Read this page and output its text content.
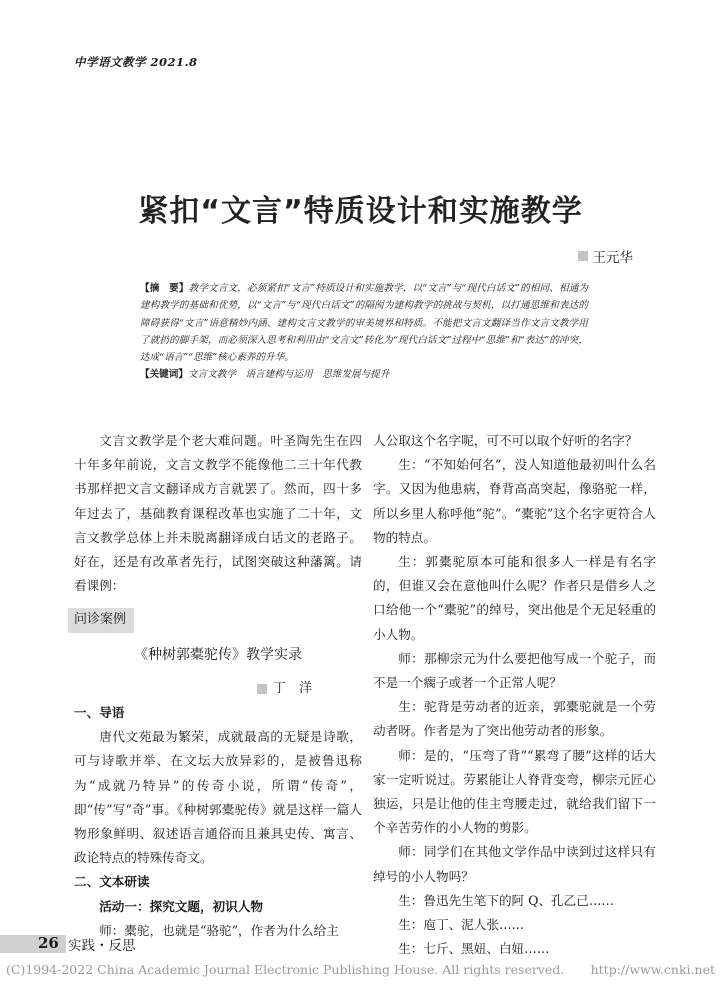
中学语文教学 2021.8
紧扣“文言”特质设计和实施教学
王元华

【摘　要】教学文言文，必须紧扣“文言”特质设计和实施教学，以“文言”与“现代白话文”的相同、相通为建构教学的基础和优势，以“文言”与“现代白话文”的隔阂为建构教学的挑战与契机，以打通思维和表达的障碍获得“文言”语意精妙内涵、建构文言文教学的审美境界和特质。不能把文言文翻译当作文言文教学用了就扔的脚手架，而必须深入思考和利用由“文言文”转化为“现代白话文”过程中“思维”和“表达”的冲突，达成“语言”“思维”核心素养的升华。

【关键词】文言文教学　语言建构与运用　思维发展与提升

文言文教学是个老大难问题。叶圣陶先生在四十年多年前说，文言文教学不能像他二三十年代教书那样把文言文翻译成方言就罢了。然而，四十多年过去了，基础教育课程改革也实施了二十年，文言文教学总体上并未脱离翻译成白话文的老路子。好在，还是有改革者先行，试图突破这种藩篱。请看课例：

问诊案例
《种树郭橐驼传》教学实录
丁　洋
一、导语

唐代文苑最为繁荣，成就最高的无疑是诗歌，可与诗歌并举、在文坛大放异彩的，是被鲁迅称为“成就乃特异”的传奇小说，所谓“传奇”，即“传”写“奇”事。《种树郭橐驼传》就是这样一篇人物形象鲜明、叙述语言通俗而且兼具史传、寓言、政论特点的特殊传奇文。

二、文本研读
活动一：探究文题，初识人物

师：橐驼，也就是“骆驼”，作者为什么给主

人公取这个名字呢，可不可以取个好听的名字？

生：“不知始何名”，没人知道他最初叫什么名字。又因为他患病，脊背高高突起，像骆驼一样，所以乡里人称呼他“驼”。“橐驼”这个名字更符合人物的特点。

生：郭橐驼原本可能和很多人一样是有名字的，但谁又会在意他叫什么呢？作者只是借乡人之口给他一个“橐驼”的绰号，突出他是个无足轻重的小人物。

师：那柳宗元为什么要把他写成一个驼子，而不是一个瘸子或者一个正常人呢？

生：驼背是劳动者的近亲，郭橐驼就是一个劳动者呀。作者是为了突出他劳动者的形象。

师：是的，“压弯了背”“累弯了腰”这样的话大家一定听说过。劳累能让人脊背变弯，柳宗元匠心独运，只是让他的佳主弯腰走过，就给我们留下一个辛苦劳作的小人物的剪影。

师：同学们在其他文学作品中读到过这样只有绰号的小人物吗？

生：鲁迅先生笔下的阿 Q、孔乙己……

生：庖丁、泥人张……

生：七斤、黑妞、白妞……

26 实践・反思
(C)1994-2022 China Academic Journal Electronic Publishing House. All rights reserved. http://www.cnki.net
